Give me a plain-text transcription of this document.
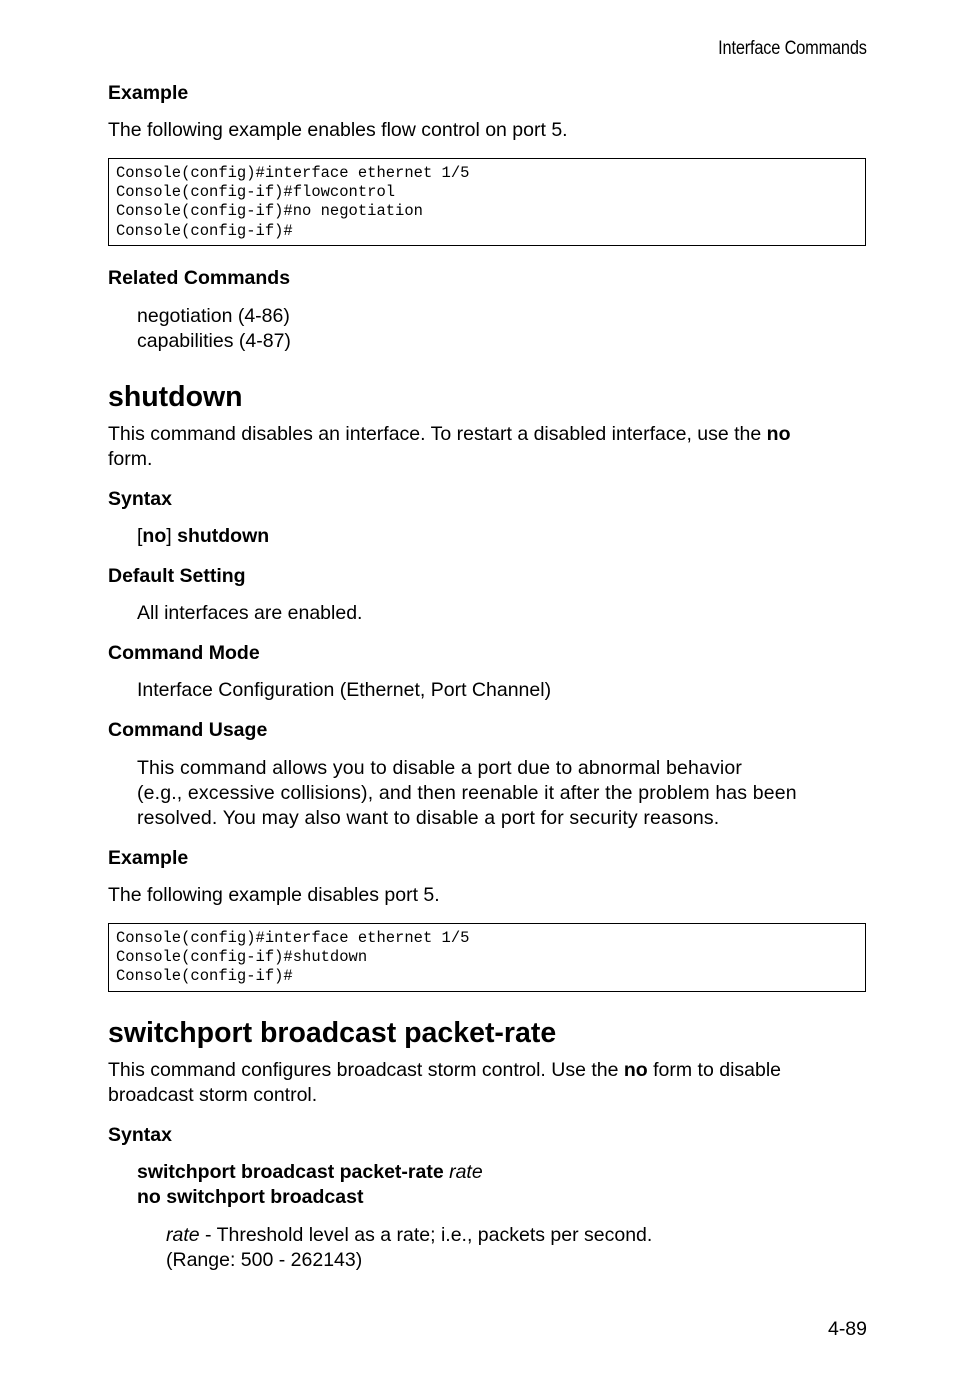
Interface Commands
Example
The following example enables flow control on port 5.
Console(config)#interface ethernet 1/5
Console(config-if)#flowcontrol
Console(config-if)#no negotiation
Console(config-if)#
Related Commands
negotiation (4-86)
capabilities (4-87)
shutdown
This command disables an interface. To restart a disabled interface, use the no
form.
Syntax
[no] shutdown
Default Setting
All interfaces are enabled.
Command Mode
Interface Configuration (Ethernet, Port Channel)
Command Usage
This command allows you to disable a port due to abnormal behavior
(e.g., excessive collisions), and then reenable it after the problem has been
resolved. You may also want to disable a port for security reasons.
Example
The following example disables port 5.
Console(config)#interface ethernet 1/5
Console(config-if)#shutdown
Console(config-if)#
switchport broadcast packet-rate
This command configures broadcast storm control. Use the no form to disable
broadcast storm control.
Syntax
switchport broadcast packet-rate rate
no switchport broadcast
rate - Threshold level as a rate; i.e., packets per second.
(Range: 500 - 262143)
4-89
